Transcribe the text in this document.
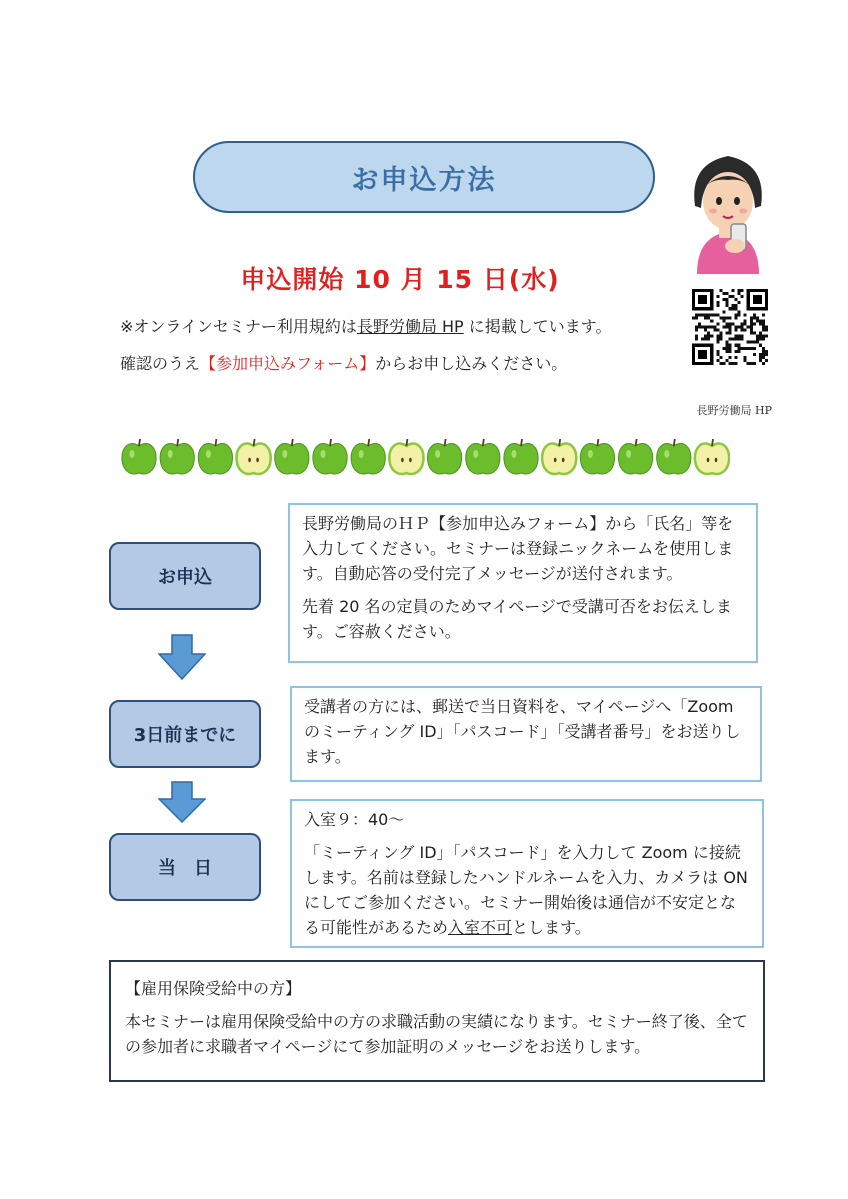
お申込方法
申込開始 10 月 15 日(水)
※オンラインセミナー利用規約は長野労働局 HP に掲載しています。
確認のうえ【参加申込みフォーム】からお申し込みください。
長野労働局 HP
お申込

長野労働局のＨＰ【参加申込みフォーム】から「氏名」等を入力してください。セミナーは登録ニックネームを使用します。自動応答の受付完了メッセージが送付されます。

先着 20 名の定員のためマイページで受講可否をお伝えします。ご容赦ください。

3日前までに

受講者の方には、郵送で当日資料を、マイページへ「Zoom のミーティング ID」「パスコード」「受講者番号」をお送りします。

当　日

入室９：40～

「ミーティング ID」「パスコード」を入力して Zoom に接続します。名前は登録したハンドルネームを入力、カメラは ON にしてご参加ください。セミナー開始後は通信が不安定となる可能性があるため入室不可とします。

【雇用保険受給中の方】

本セミナーは雇用保険受給中の方の求職活動の実績になります。セミナー終了後、全ての参加者に求職者マイページにて参加証明のメッセージをお送りします。
